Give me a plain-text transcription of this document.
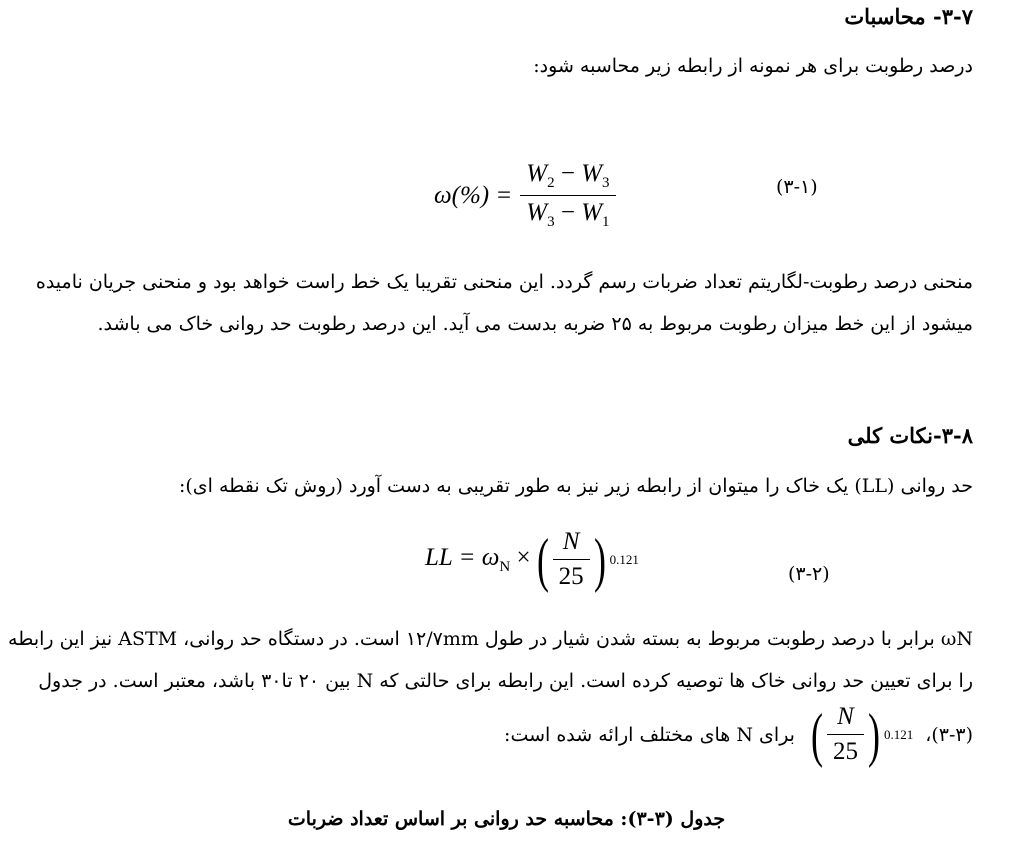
۳-۷- محاسبات
درصد رطوبت برای هر نمونه از رابطه زیر محاسبه شود:
$\omega(\%) = \frac{W_2 - W_3}{W_3 - W_1}$	(۳-۱)
منحنی درصد رطوبت-لگاریتم تعداد ضربات رسم گردد. این منحنی تقریبا یک خط راست خواهد بود و منحنی جریان نامیده
میشود از این خط میزان رطوبت مربوط به ۲۵ ضربه بدست می آید. این درصد رطوبت حد روانی خاک می باشد.
۳-۸-نکات کلی
حد روانی (LL) یک خاک را میتوان از رابطه زیر نیز به طور تقریبی به دست آورد (روش تک نقطه ای):
LL = $\omega_N$ × ( $\frac{N}{25}$ ) 0.121
(۳-۲)
ωN برابر با درصد رطوبت مربوط به بسته شدن شیار در طول ۱۲/۷mm است. در دستگاه حد روانی، ASTM نیز این رابطه
را برای تعیین حد روانی خاک ها توصیه کرده است. این رابطه برای حالتی که N بین ۲۰ تا۳۰ باشد، معتبر است. در جدول
(۳-۳)،
( $\frac{N}{25}$ ) 0.121
برای N های مختلف ارائه شده است:
جدول (۳-۳): محاسبه حد روانی بر اساس تعداد ضربات
